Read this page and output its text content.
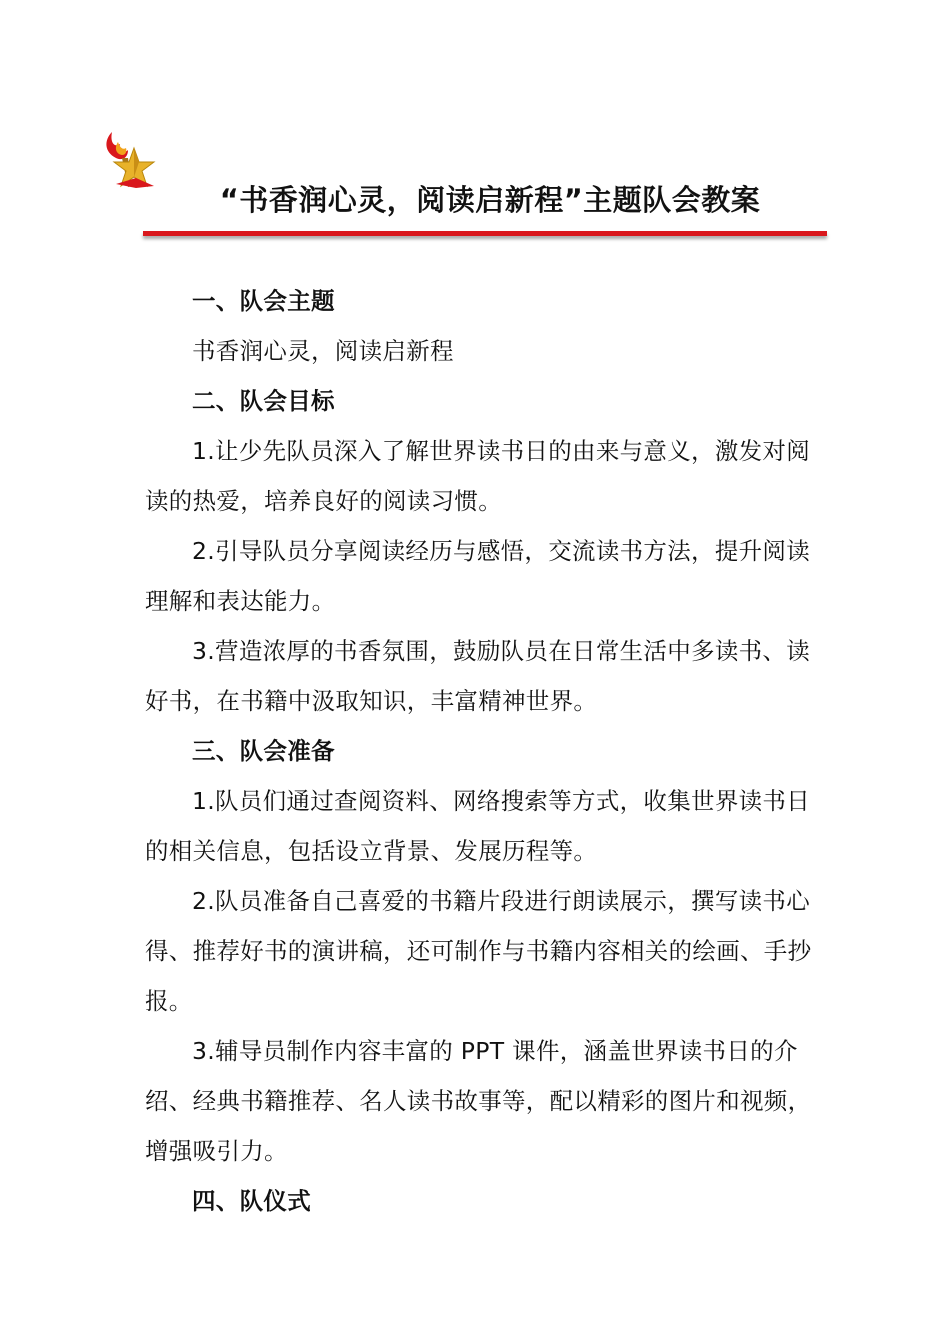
“书香润心灵，阅读启新程”主题队会教案

一、队会主题

书香润心灵，阅读启新程

二、队会目标

1.让少先队员深入了解世界读书日的由来与意义，激发对阅读的热爱，培养良好的阅读习惯。

2.引导队员分享阅读经历与感悟，交流读书方法，提升阅读理解和表达能力。

3.营造浓厚的书香氛围，鼓励队员在日常生活中多读书、读好书，在书籍中汲取知识，丰富精神世界。

三、队会准备

1.队员们通过查阅资料、网络搜索等方式，收集世界读书日的相关信息，包括设立背景、发展历程等。

2.队员准备自己喜爱的书籍片段进行朗读展示，撰写读书心得、推荐好书的演讲稿，还可制作与书籍内容相关的绘画、手抄报。

3.辅导员制作内容丰富的 PPT 课件，涵盖世界读书日的介绍、经典书籍推荐、名人读书故事等，配以精彩的图片和视频，增强吸引力。

四、队仪式
